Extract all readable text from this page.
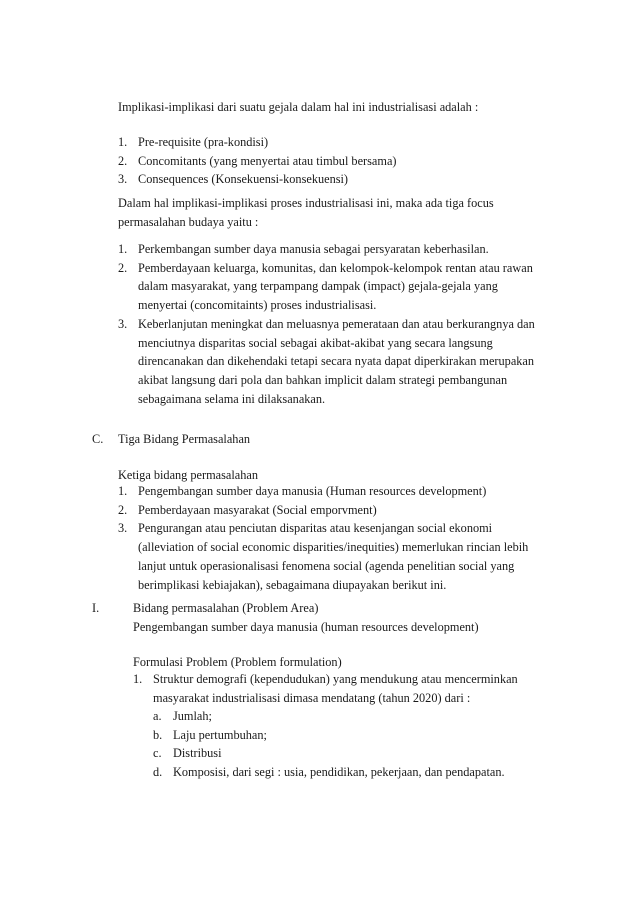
Implikasi-implikasi dari suatu gejala dalam hal ini industrialisasi adalah :

1. Pre-requisite (pra-kondisi)
2. Concomitants (yang menyertai atau timbul bersama)
3. Consequences (Konsekuensi-konsekuensi)
Dalam hal implikasi-implikasi proses industrialisasi ini, maka ada tiga focus
permasalahan budaya yaitu :
1. Perkembangan sumber daya manusia sebagai persyaratan keberhasilan.
2. Pemberdayaan keluarga, komunitas, dan kelompok-kelompok rentan atau rawan
dalam masyarakat, yang terpampang dampak (impact) gejala-gejala yang
menyertai (concomitaints) proses industrialisasi.
3. Keberlanjutan meningkat dan meluasnya pemerataan dan atau berkurangnya dan
menciutnya disparitas social sebagai akibat-akibat yang secara langsung
direncanakan dan dikehendaki tetapi secara nyata dapat diperkirakan merupakan
akibat langsung dari pola dan bahkan implicit dalam strategi pembangunan
sebagaimana selama ini dilaksanakan.
C. Tiga Bidang Permasalahan
Ketiga bidang permasalahan
1. Pengembangan sumber daya manusia (Human resources development)
2. Pemberdayaan masyarakat (Social emporvment)
3. Pengurangan atau penciutan disparitas atau kesenjangan social ekonomi
(alleviation of social economic disparities/inequities) memerlukan rincian lebih
lanjut untuk operasionalisasi fenomena social (agenda penelitian social yang
berimplikasi kebiajakan), sebagaimana diupayakan berikut ini.
I.	Bidang permasalahan (Problem Area)
Pengembangan sumber daya manusia (human resources development)
Formulasi Problem (Problem formulation)
1. Struktur demografi (kependudukan) yang mendukung atau mencerminkan
masyarakat industrialisasi dimasa mendatang (tahun 2020) dari :
a. Jumlah;
b. Laju pertumbuhan;
c. Distribusi
d. Komposisi, dari segi : usia, pendidikan, pekerjaan, dan pendapatan.
